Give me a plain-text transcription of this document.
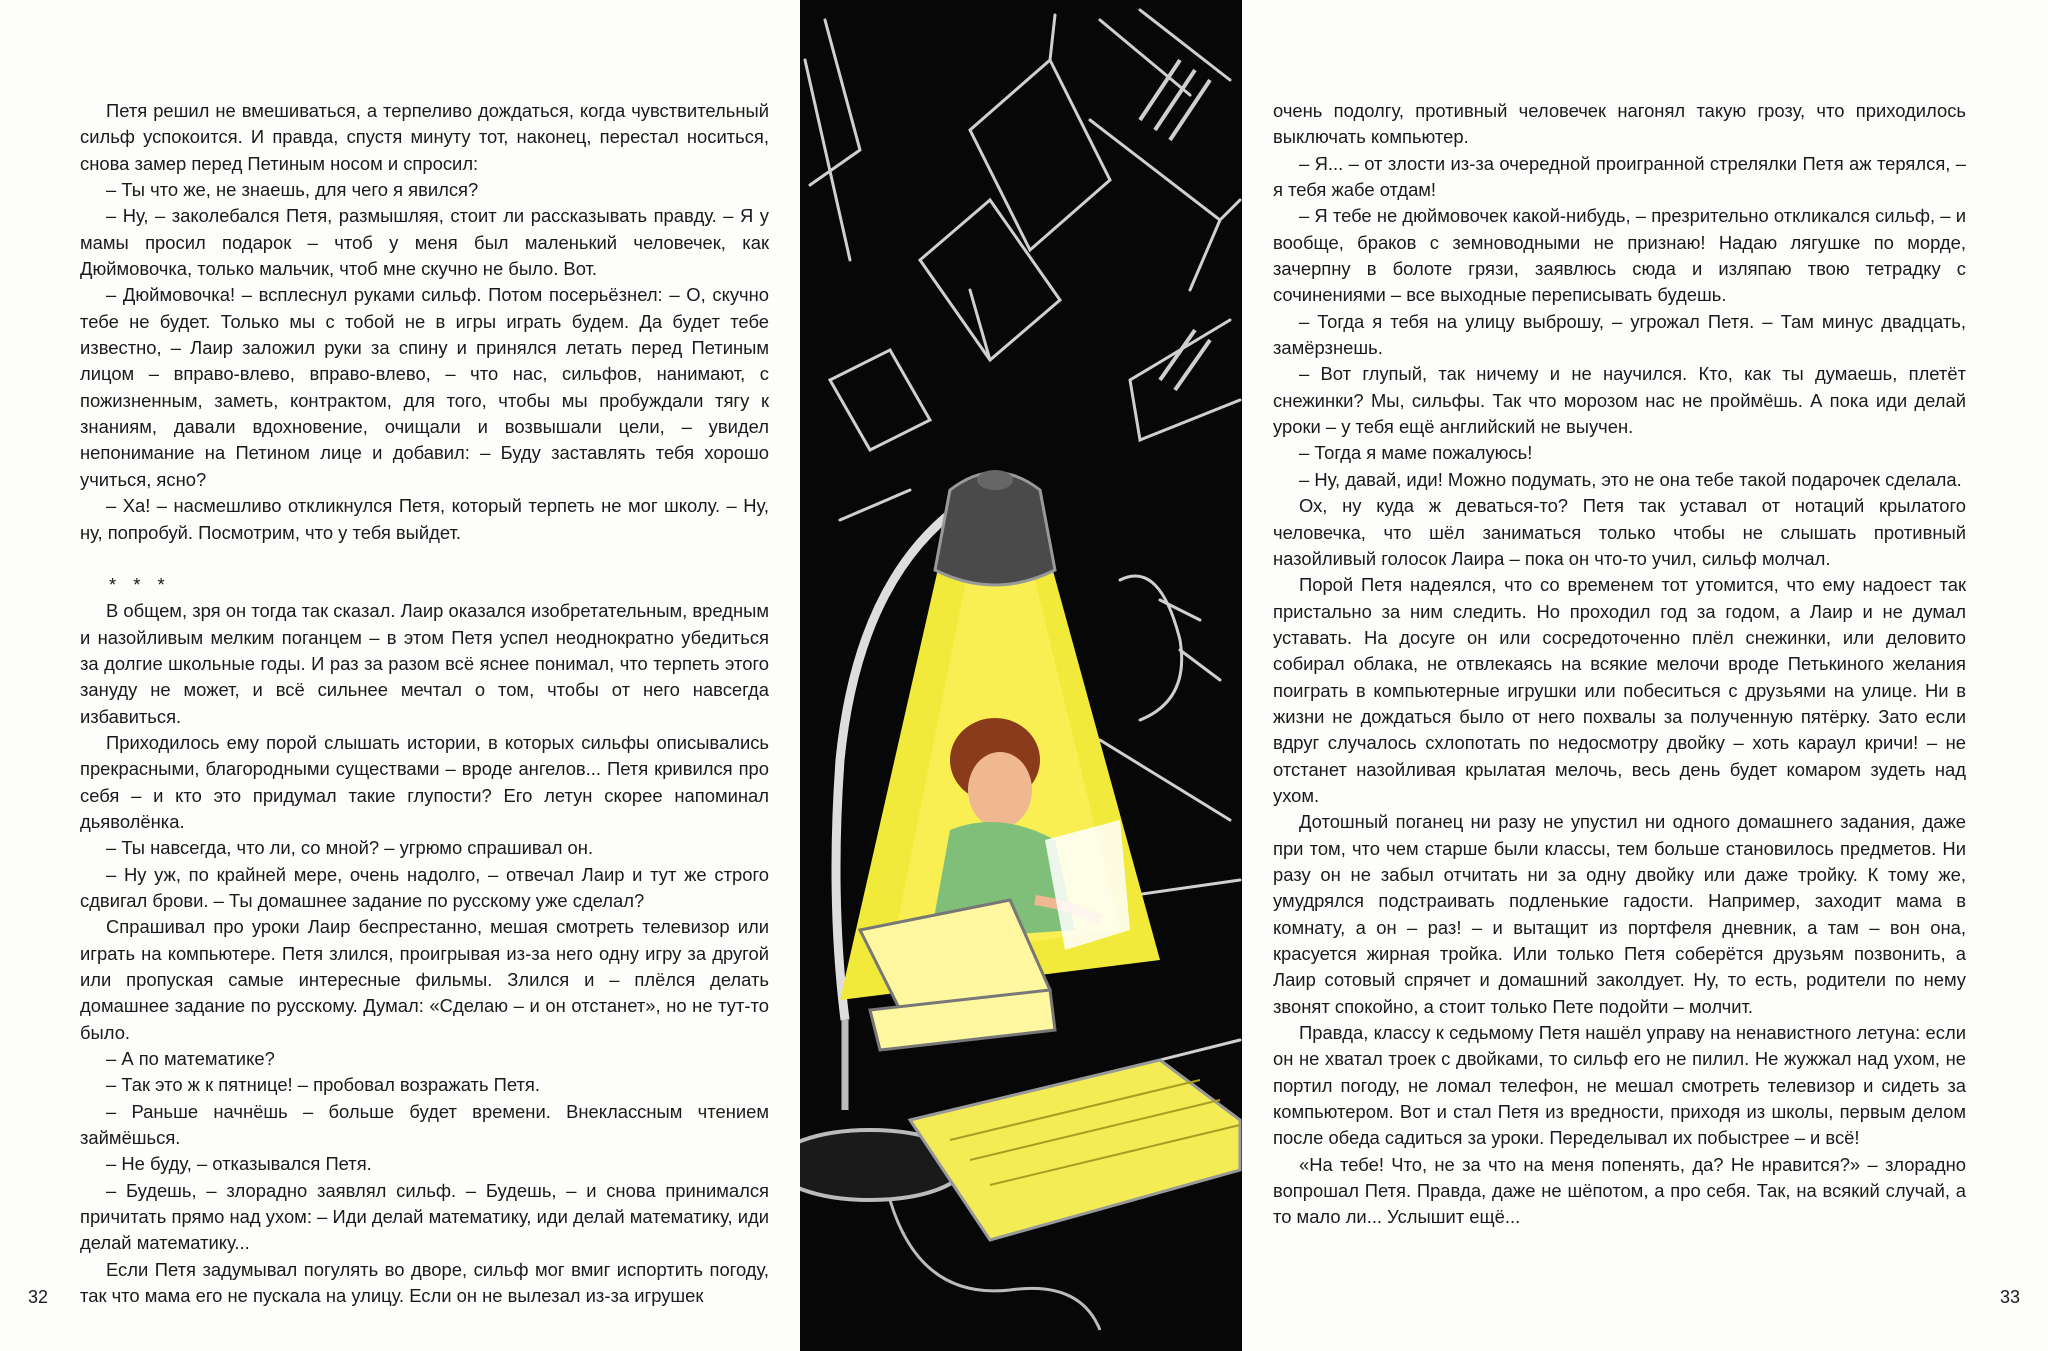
Петя решил не вмешиваться, а терпеливо дождаться, когда чувствительный сильф успокоится. И правда, спустя минуту тот, наконец, перестал носиться, снова замер перед Петиным носом и спросил:

– Ты что же, не знаешь, для чего я явился?

– Ну, – заколебался Петя, размышляя, стоит ли рассказывать правду. – Я у мамы просил подарок – чтоб у меня был маленький человечек, как Дюймовочка, только мальчик, чтоб мне скучно не было. Вот.

– Дюймовочка! – всплеснул руками сильф. Потом посерьёзнел: – О, скучно тебе не будет. Только мы с тобой не в игры играть будем. Да будет тебе известно, – Лаир заложил руки за спину и принялся летать перед Петиным лицом – вправо-влево, вправо-влево, – что нас, сильфов, нанимают, с пожизненным, заметь, контрактом, для того, чтобы мы пробуждали тягу к знаниям, давали вдохновение, очищали и возвышали цели, – увидел непонимание на Петином лице и добавил: – Буду заставлять тебя хорошо учиться, ясно?

– Ха! – насмешливо откликнулся Петя, который терпеть не мог школу. – Ну, ну, попробуй. Посмотрим, что у тебя выйдет.

* * *

В общем, зря он тогда так сказал. Лаир оказался изобретательным, вредным и назойливым мелким поганцем – в этом Петя успел неоднократно убедиться за долгие школьные годы. И раз за разом всё яснее понимал, что терпеть этого зануду не может, и всё сильнее мечтал о том, чтобы от него навсегда избавиться.

Приходилось ему порой слышать истории, в которых сильфы описывались прекрасными, благородными существами – вроде ангелов... Петя кривился про себя – и кто это придумал такие глупости? Его летун скорее напоминал дьяволёнка.

– Ты навсегда, что ли, со мной? – угрюмо спрашивал он.

– Ну уж, по крайней мере, очень надолго, – отвечал Лаир и тут же строго сдвигал брови. – Ты домашнее задание по русскому уже сделал?

Спрашивал про уроки Лаир беспрестанно, мешая смотреть телевизор или играть на компьютере. Петя злился, проигрывая из-за него одну игру за другой или пропуская самые интересные фильмы. Злился и – плёлся делать домашнее задание по русскому. Думал: «Сделаю – и он отстанет», но не тут-то было.

– А по математике?

– Так это ж к пятнице! – пробовал возражать Петя.

– Раньше начнёшь – больше будет времени. Внеклассным чтением займёшься.

– Не буду, – отказывался Петя.

– Будешь, – злорадно заявлял сильф. – Будешь, – и снова принимался причитать прямо над ухом: – Иди делай математику, иди делай математику, иди делай математику...

Если Петя задумывал погулять во дворе, сильф мог вмиг испортить погоду, так что мама его не пускала на улицу. Если он не вылезал из-за игрушек

32

очень подолгу, противный человечек нагонял такую грозу, что приходилось выключать компьютер.

– Я... – от злости из-за очередной проигранной стрелялки Петя аж терялся, – я тебя жабе отдам!

– Я тебе не дюймовочек какой-нибудь, – презрительно откликался сильф, – и вообще, браков с земноводными не признаю! Надаю лягушке по морде, зачерпну в болоте грязи, заявлюсь сюда и изляпаю твою тетрадку с сочинениями – все выходные переписывать будешь.

– Тогда я тебя на улицу выброшу, – угрожал Петя. – Там минус двадцать, замёрзнешь.

– Вот глупый, так ничему и не научился. Кто, как ты думаешь, плетёт снежинки? Мы, сильфы. Так что морозом нас не проймёшь. А пока иди делай уроки – у тебя ещё английский не выучен.

– Тогда я маме пожалуюсь!

– Ну, давай, иди! Можно подумать, это не она тебе такой подарочек сделала.

Ох, ну куда ж деваться-то? Петя так уставал от нотаций крылатого человечка, что шёл заниматься только чтобы не слышать противный назойливый голосок Лаира – пока он что-то учил, сильф молчал.

Порой Петя надеялся, что со временем тот утомится, что ему надоест так пристально за ним следить. Но проходил год за годом, а Лаир и не думал уставать. На досуге он или сосредоточенно плёл снежинки, или деловито собирал облака, не отвлекаясь на всякие мелочи вроде Петькиного желания поиграть в компьютерные игрушки или побеситься с друзьями на улице. Ни в жизни не дождаться было от него похвалы за полученную пятёрку. Зато если вдруг случалось схлопотать по недосмотру двойку – хоть караул кричи! – не отстанет назойливая крылатая мелочь, весь день будет комаром зудеть над ухом.

Дотошный поганец ни разу не упустил ни одного домашнего задания, даже при том, что чем старше были классы, тем больше становилось предметов. Ни разу он не забыл отчитать ни за одну двойку или даже тройку. К тому же, умудрялся подстраивать подленькие гадости. Например, заходит мама в комнату, а он – раз! – и вытащит из портфеля дневник, а там – вон она, красуется жирная тройка. Или только Петя соберётся друзьям позвонить, а Лаир сотовый спрячет и домашний заколдует. Ну, то есть, родители по нему звонят спокойно, а стоит только Пете подойти – молчит.

Правда, классу к седьмому Петя нашёл управу на ненавистного летуна: если он не хватал троек с двойками, то сильф его не пилил. Не жужжал над ухом, не портил погоду, не ломал телефон, не мешал смотреть телевизор и сидеть за компьютером. Вот и стал Петя из вредности, приходя из школы, первым делом после обеда садиться за уроки. Переделывал их побыстрее – и всё!

«На тебе! Что, не за что на меня попенять, да? Не нравится?» – злорадно вопрошал Петя. Правда, даже не шёпотом, а про себя. Так, на всякий случай, а то мало ли... Услышит ещё...

33
